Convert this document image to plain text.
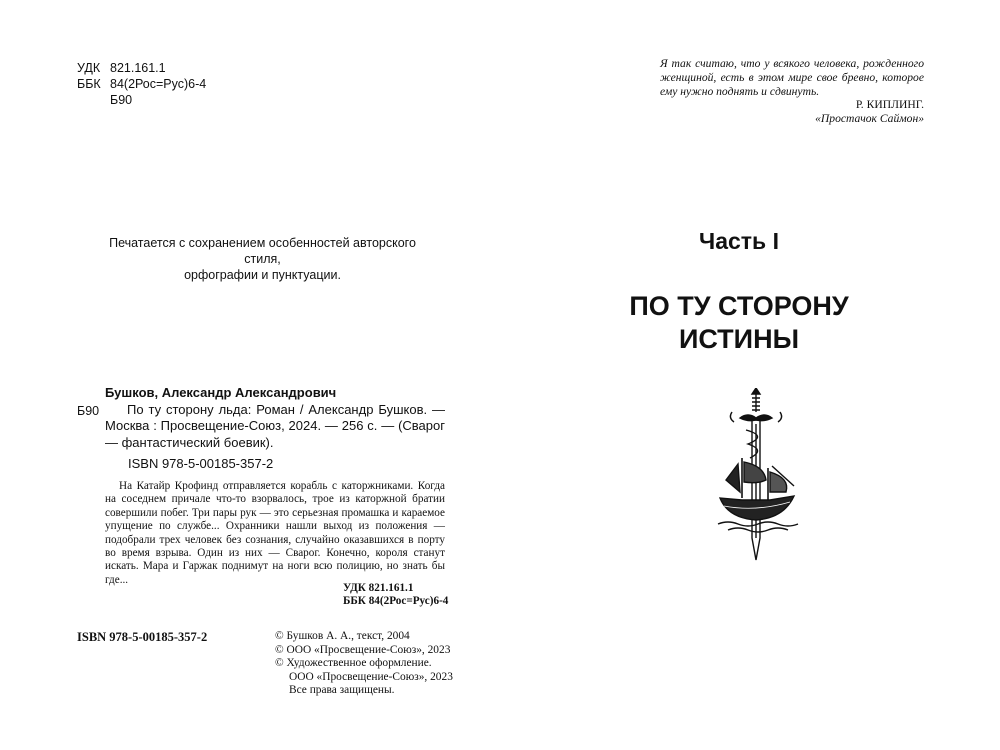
УДК 821.161.1
ББК 84(2Рос=Рус)6-4
Б90
Печатается с сохранением особенностей авторского стиля,
орфографии и пунктуации.
Б90
Бушков, Александр Александрович
По ту сторону льда: Роман / Александр Бушков. — Москва : Просвещение-Союз, 2024. — 256 с. — (Сварог — фантастический боевик).
ISBN 978-5-00185-357-2
На Катайр Крофинд отправляется корабль с каторжниками. Когда на соседнем причале что-то взорвалось, трое из каторжной братии совершили побег. Три пары рук — это серьезная промашка и караемое упущение по службе... Охранники нашли выход из положения — подобрали трех человек без сознания, случайно оказавшихся в порту во время взрыва. Один из них — Сварог. Конечно, короля станут искать. Мара и Гаржак поднимут на ноги всю полицию, но знать бы где...
УДК 821.161.1
ББК 84(2Рос=Рус)6-4
ISBN 978-5-00185-357-2	© Бушков А. А., текст, 2004
© ООО «Просвещение-Союз», 2023
© Художественное оформление.
ООО «Просвещение-Союз», 2023
Все права защищены.
Я так считаю, что у всякого человека, рожденного женщиной, есть в этом мире свое бревно, которое ему нужно поднять и сдвинуть.
Р. КИПЛИНГ.
«Простачок Саймон»
Часть I
ПО ТУ СТОРОНУ
ИСТИНЫ
